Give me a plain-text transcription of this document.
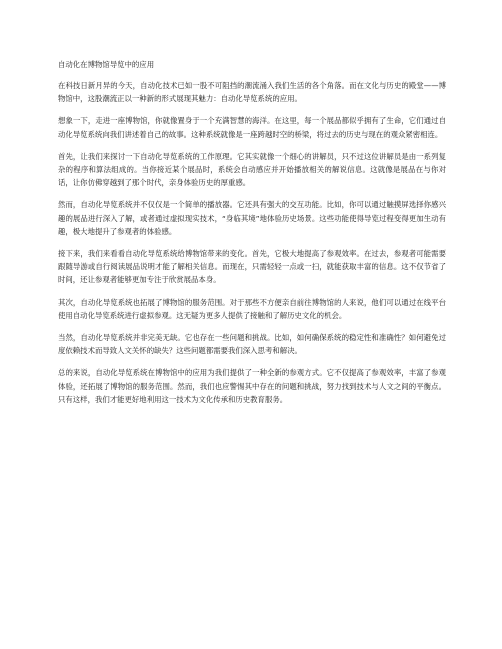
自动化在博物馆导览中的应用

在科技日新月异的今天，自动化技术已如一股不可阻挡的潮流涌入我们生活的各个角落。而在文化与历史的殿堂——博物馆中，这股潮流正以一种新的形式展现其魅力：自动化导览系统的应用。

想象一下，走进一座博物馆，你就像置身于一个充满智慧的海洋。在这里，每一个展品都似乎拥有了生命，它们通过自动化导览系统向我们讲述着自己的故事。这种系统就像是一座跨越时空的桥梁，将过去的历史与现在的观众紧密相连。

首先，让我们来探讨一下自动化导览系统的工作原理。它其实就像一个细心的讲解员，只不过这位讲解员是由一系列复杂的程序和算法组成的。当你接近某个展品时，系统会自动感应并开始播放相关的解说信息。这就像是展品在与你对话，让你仿佛穿越到了那个时代，亲身体验历史的厚重感。

然而，自动化导览系统并不仅仅是一个简单的播放器。它还具有强大的交互功能。比如，你可以通过触摸屏选择你感兴趣的展品进行深入了解，或者通过虚拟现实技术，“身临其境”地体验历史场景。这些功能使得导览过程变得更加生动有趣，极大地提升了参观者的体验感。

接下来，我们来看看自动化导览系统给博物馆带来的变化。首先，它极大地提高了参观效率。在过去，参观者可能需要跟随导游或自行阅读展品说明才能了解相关信息。而现在，只需轻轻一点或一扫，就能获取丰富的信息。这不仅节省了时间，还让参观者能够更加专注于欣赏展品本身。

其次，自动化导览系统也拓展了博物馆的服务范围。对于那些不方便亲自前往博物馆的人来说，他们可以通过在线平台使用自动化导览系统进行虚拟参观。这无疑为更多人提供了接触和了解历史文化的机会。

当然，自动化导览系统并非完美无缺。它也存在一些问题和挑战。比如，如何确保系统的稳定性和准确性？如何避免过度依赖技术而导致人文关怀的缺失？这些问题都需要我们深入思考和解决。

总的来说，自动化导览系统在博物馆中的应用为我们提供了一种全新的参观方式。它不仅提高了参观效率，丰富了参观体验，还拓展了博物馆的服务范围。然而，我们也应警惕其中存在的问题和挑战，努力找到技术与人文之间的平衡点。只有这样，我们才能更好地利用这一技术为文化传承和历史教育服务。
